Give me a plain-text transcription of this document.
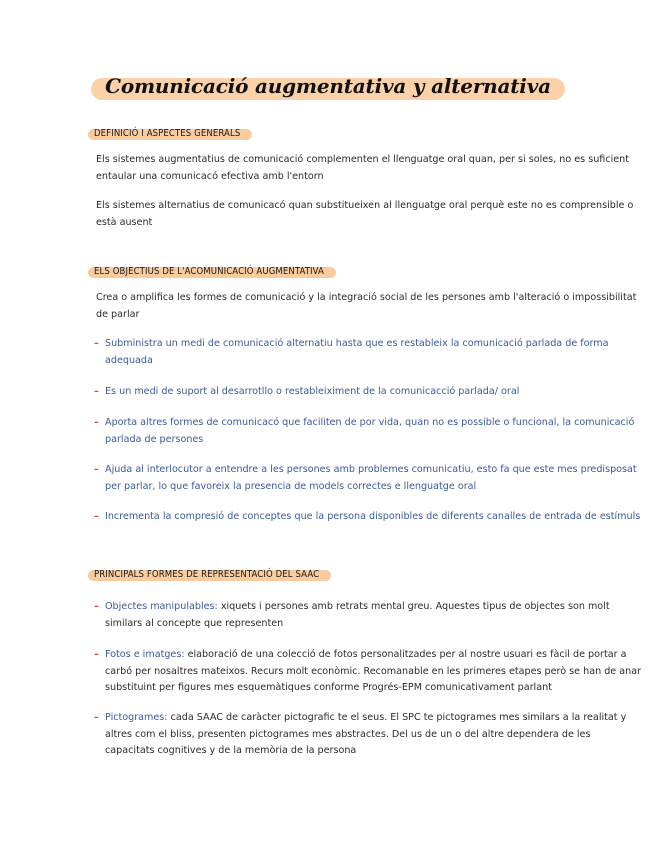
Comunicació augmentativa y alternativa
DEFINICIÓ I ASPECTES GENERALS
Els sistemes augmentatius de comunicació complementen el llenguatge oral quan, per si soles, no es suficient entaular una comunicacó efectiva amb l'entorn
Els sistemes alternatius de comunicacó quan substitueixen al llenguatge oral perquè este no es comprensible o està ausent
ELS OBJECTIUS DE L'ACOMUNICACIÓ AUGMENTATIVA
Crea o amplifica les formes de comunicació y la integració social de les persones amb l'alteració o impossibilitat de parlar
– Subministra un medi de comunicació alternatiu hasta que es restableix la comunicació parlada de forma adequada
– Es un medi de suport al desarrotllo o restableiximent de la comunicacció parlada/ oral
– Aporta altres formes de comunicacó que faciliten de por vida, quan no es possible o funcional, la comunicació parlada de persones
– Ajuda al interlocutor a entendre a les persones amb problemes comunicatiu, esto fa que este mes predisposat per parlar, lo que favoreix la presencia de models correctes e llenguatge oral
– Incrementa la compresió de conceptes que la persona disponibles de diferents canalles de entrada de estímuls
PRINCIPALS FORMES DE REPRESENTACIÓ DEL SAAC
– Objectes manipulables: xiquets i persones amb retrats mental greu. Aquestes tipus de objectes son molt similars al concepte que representen
– Fotos e imatges: elaboració de una colecció de fotos personalitzades per al nostre usuari es fàcil de portar a carbó per nosaltres mateixos. Recurs molt econòmic. Recomanable en les primeres etapes però se han de anar substituint per figures mes esquemàtiques conforme Progrés-EPM comunicativament parlant
– Pictogrames: cada SAAC de caràcter pictografic te el seus. El SPC te pictogrames mes similars a la realitat y altres com el bliss, presenten pictogrames mes abstractes. Del us de un o del altre dependera de les capacitats cognitives y de la memòria de la persona
